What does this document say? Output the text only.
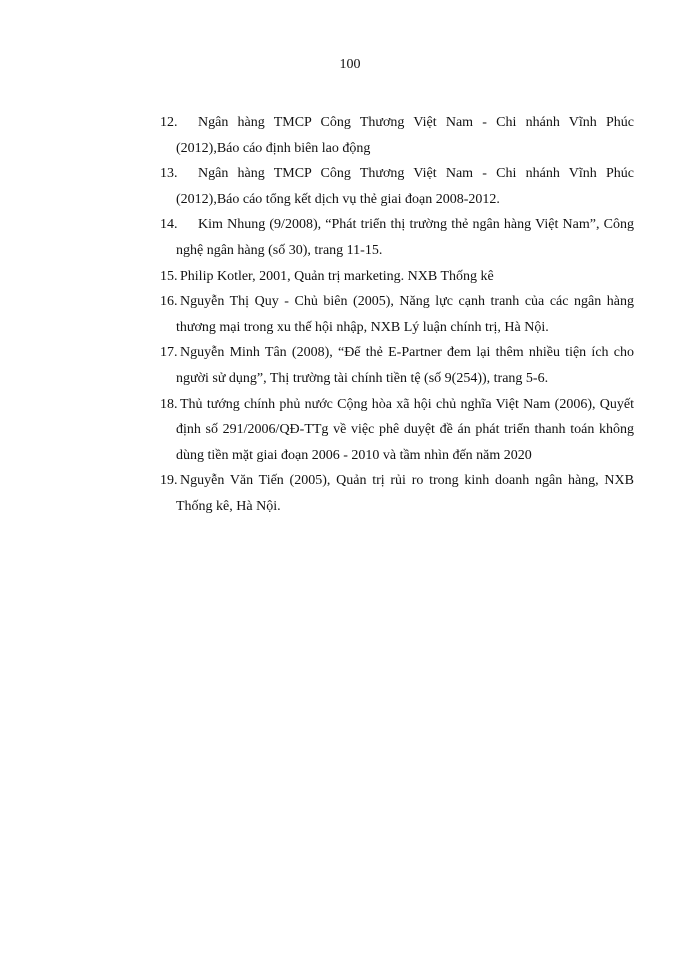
100
12. Ngân hàng TMCP Công Thương Việt Nam - Chi nhánh Vĩnh Phúc (2012),Báo cáo định biên lao động
13. Ngân hàng TMCP Công Thương Việt Nam - Chi nhánh Vĩnh Phúc (2012),Báo cáo tổng kết dịch vụ thẻ giai đoạn 2008-2012.
14. Kim Nhung (9/2008), “Phát triển thị trường thẻ ngân hàng Việt Nam”, Công nghệ ngân hàng (số 30), trang 11-15.
15. Philip Kotler, 2001, Quản trị marketing. NXB Thống kê
16. Nguyễn Thị Quy - Chủ biên (2005), Năng lực cạnh tranh của các ngân hàng thương mại trong xu thế hội nhập, NXB Lý luận chính trị, Hà Nội.
17. Nguyễn Minh Tân (2008), “Để thẻ E-Partner đem lại thêm nhiều tiện ích cho người sử dụng”, Thị trường tài chính tiền tệ (số 9(254)), trang 5-6.
18. Thủ tướng chính phủ nước Cộng hòa xã hội chủ nghĩa Việt Nam (2006), Quyết định số 291/2006/QĐ-TTg về việc phê duyệt đề án phát triển thanh toán không dùng tiền mặt giai đoạn 2006 - 2010 và tầm nhìn đến năm 2020
19. Nguyễn Văn Tiến (2005), Quản trị rủi ro trong kinh doanh ngân hàng, NXB Thống kê, Hà Nội.
